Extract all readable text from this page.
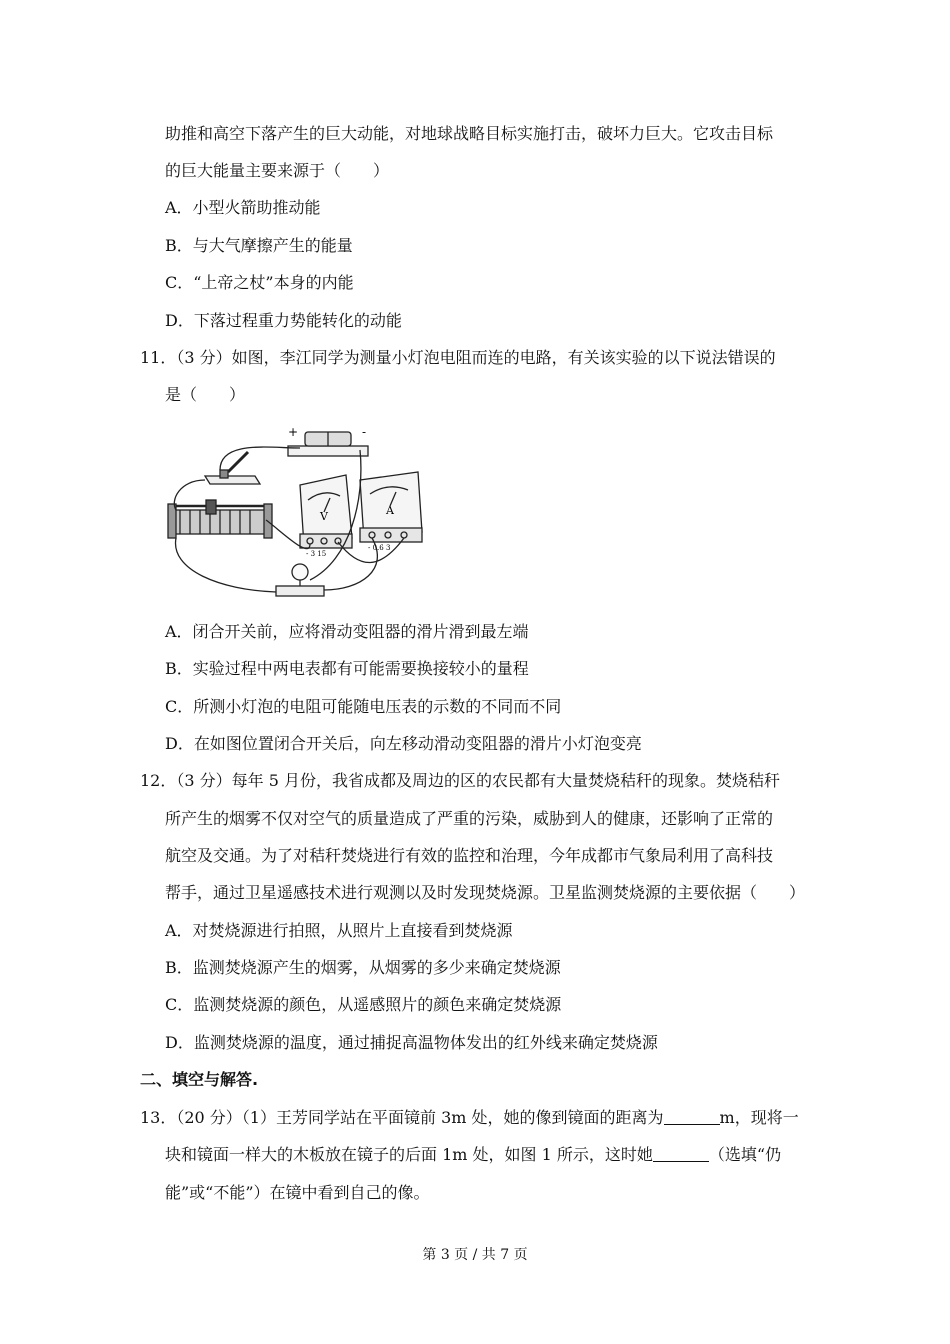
助推和高空下落产生的巨大动能，对地球战略目标实施打击，破坏力巨大。它攻击目标
的巨大能量主要来源于（　　）
A．小型火箭助推动能
B．与大气摩擦产生的能量
C．“上帝之杖”本身的内能
D．下落过程重力势能转化的动能
11．（3 分）如图，李江同学为测量小灯泡电阻而连的电路，有关该实验的以下说法错误的
是（　　）
+	-
V	A
- 3 15
- 0.6 3
A．闭合开关前，应将滑动变阻器的滑片滑到最左端
B．实验过程中两电表都有可能需要换接较小的量程
C．所测小灯泡的电阻可能随电压表的示数的不同而不同
D．在如图位置闭合开关后，向左移动滑动变阻器的滑片小灯泡变亮
12．（3 分）每年 5 月份，我省成都及周边的区的农民都有大量焚烧秸秆的现象。焚烧秸秆
所产生的烟雾不仅对空气的质量造成了严重的污染，威胁到人的健康，还影响了正常的
航空及交通。为了对秸秆焚烧进行有效的监控和治理，今年成都市气象局利用了高科技
帮手，通过卫星遥感技术进行观测以及时发现焚烧源。卫星监测焚烧源的主要依据（　　）
A．对焚烧源进行拍照，从照片上直接看到焚烧源
B．监测焚烧源产生的烟雾，从烟雾的多少来确定焚烧源
C．监测焚烧源的颜色，从遥感照片的颜色来确定焚烧源
D．监测焚烧源的温度，通过捕捉高温物体发出的红外线来确定焚烧源
二、填空与解答.
13．（20 分）（1）王芳同学站在平面镜前 3m 处，她的像到镜面的距离为	m，现将一
块和镜面一样大的木板放在镜子的后面 1m 处，如图 1 所示，这时她	（选填“仍
能”或“不能”）在镜中看到自己的像。
第 3 页 / 共 7 页
